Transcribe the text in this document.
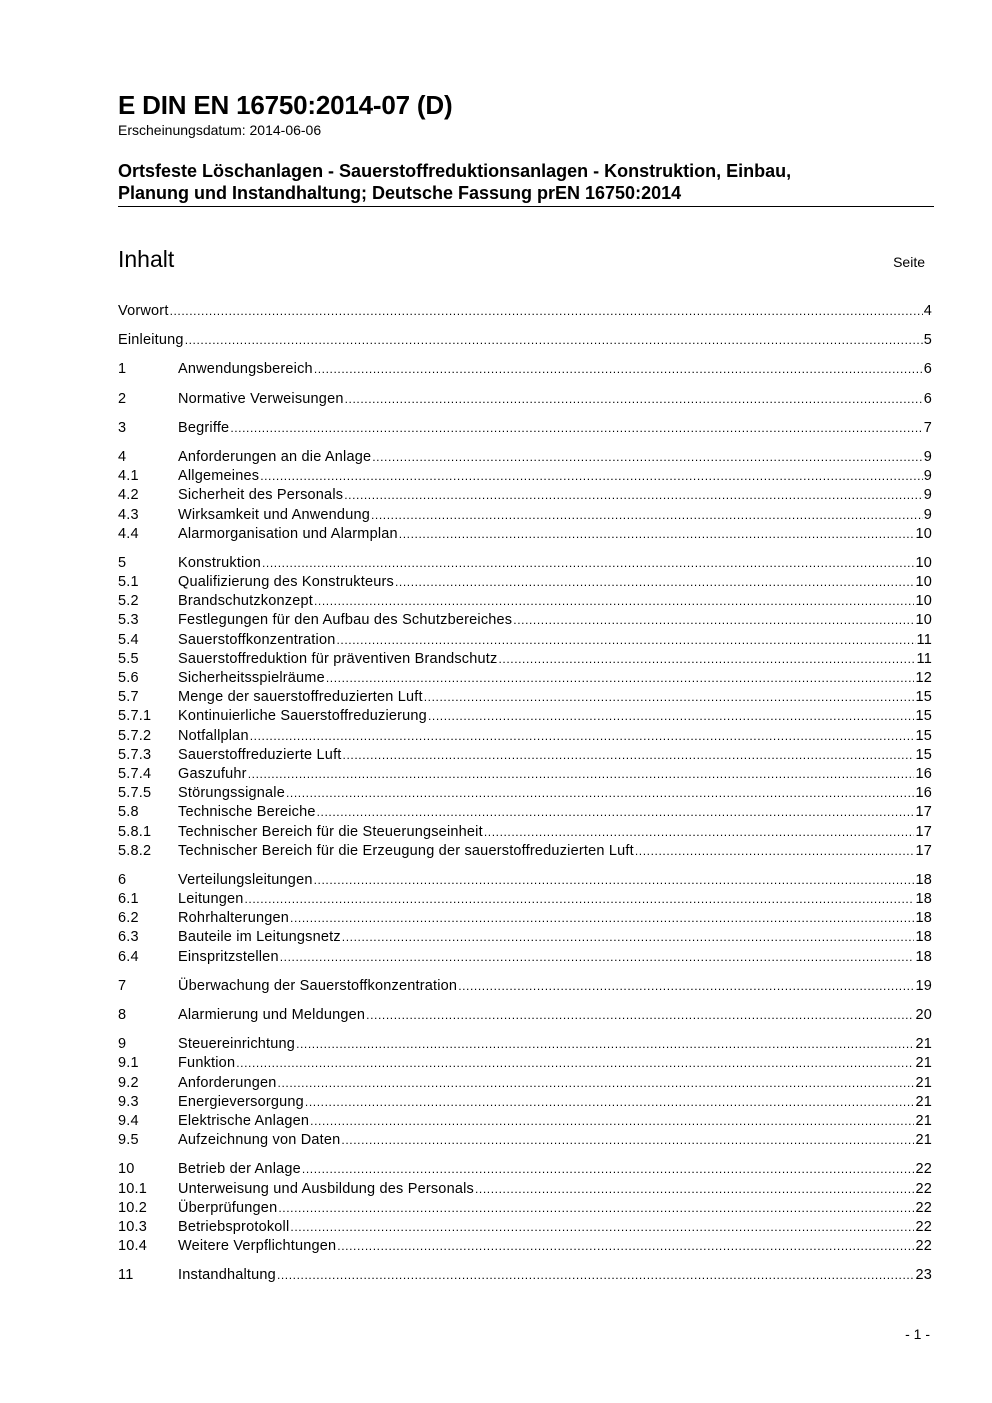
E DIN EN 16750:2014-07 (D)
Erscheinungsdatum: 2014-06-06
Ortsfeste Löschanlagen - Sauerstoffreduktionsanlagen - Konstruktion, Einbau,
Planung und Instandhaltung; Deutsche Fassung prEN 16750:2014
Inhalt	Seite
Vorwort .....	4
Einleitung .....	5
1	Anwendungsbereich .....	6
2	Normative Verweisungen .....	6
3	Begriffe .....	7
4	Anforderungen an die Anlage .....	9
4.1	Allgemeines .....	9
4.2	Sicherheit des Personals .....	9
4.3	Wirksamkeit und Anwendung .....	9
4.4	Alarmorganisation und Alarmplan .....	10
5	Konstruktion .....	10
5.1	Qualifizierung des Konstrukteurs .....	10
5.2	Brandschutzkonzept .....	10
5.3	Festlegungen für den Aufbau des Schutzbereiches .....	10
5.4	Sauerstoffkonzentration .....	11
5.5	Sauerstoffreduktion für präventiven Brandschutz .....	11
5.6	Sicherheitsspielräume .....	12
5.7	Menge der sauerstoffreduzierten Luft .....	15
5.7.1	Kontinuierliche Sauerstoffreduzierung .....	15
5.7.2	Notfallplan .....	15
5.7.3	Sauerstoffreduzierte Luft .....	15
5.7.4	Gaszufuhr .....	16
5.7.5	Störungssignale .....	16
5.8	Technische Bereiche .....	17
5.8.1	Technischer Bereich für die Steuerungseinheit .....	17
5.8.2	Technischer Bereich für die Erzeugung der sauerstoffreduzierten Luft .....	17
6	Verteilungsleitungen .....	18
6.1	Leitungen .....	18
6.2	Rohrhalterungen .....	18
6.3	Bauteile im Leitungsnetz .....	18
6.4	Einspritzstellen .....	18
7	Überwachung der Sauerstoffkonzentration .....	19
8	Alarmierung und Meldungen .....	20
9	Steuereinrichtung .....	21
9.1	Funktion .....	21
9.2	Anforderungen .....	21
9.3	Energieversorgung .....	21
9.4	Elektrische Anlagen .....	21
9.5	Aufzeichnung von Daten .....	21
10	Betrieb der Anlage .....	22
10.1	Unterweisung und Ausbildung des Personals .....	22
10.2	Überprüfungen .....	22
10.3	Betriebsprotokoll .....	22
10.4	Weitere Verpflichtungen .....	22
11	Instandhaltung .....	23
- 1 -
